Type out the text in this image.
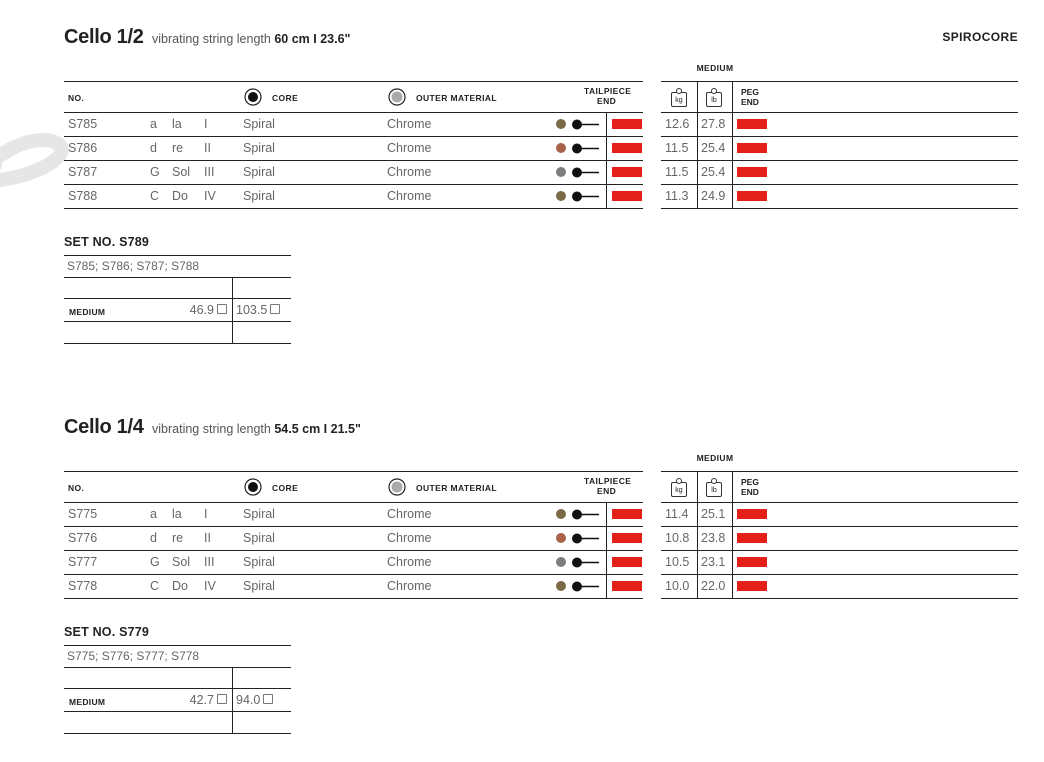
SPIROCORE
Cello 1/2 vibrating string length 60 cm I 23.6"
NO.	CORE	OUTER MATERIAL
TAILPIECE
END
S785	a la I	Spiral	Chrome
S786	d re II	Spiral	Chrome
S787	G Sol III Spiral	Chrome
S788	C Do IV Spiral	Chrome
MEDIUM
kg	lb
PEG
END
12.6 27.8
11.5 25.4
11.5 25.4
11.3 24.9
SET NO. S789
S785; S786; S787; S788
MEDIUM	46.9	103.5
Cello 1/4 vibrating string length 54.5 cm I 21.5"
NO.	CORE	OUTER MATERIAL
TAILPIECE
END
S775	a la I	Spiral	Chrome
S776	d re II	Spiral	Chrome
S777	G Sol III Spiral	Chrome
S778	C Do IV Spiral	Chrome
MEDIUM
kg	lb
PEG
END
11.4 25.1
10.8 23.8
10.5 23.1
10.0 22.0
SET NO. S779
S775; S776; S777; S778
MEDIUM	42.7	94.0
